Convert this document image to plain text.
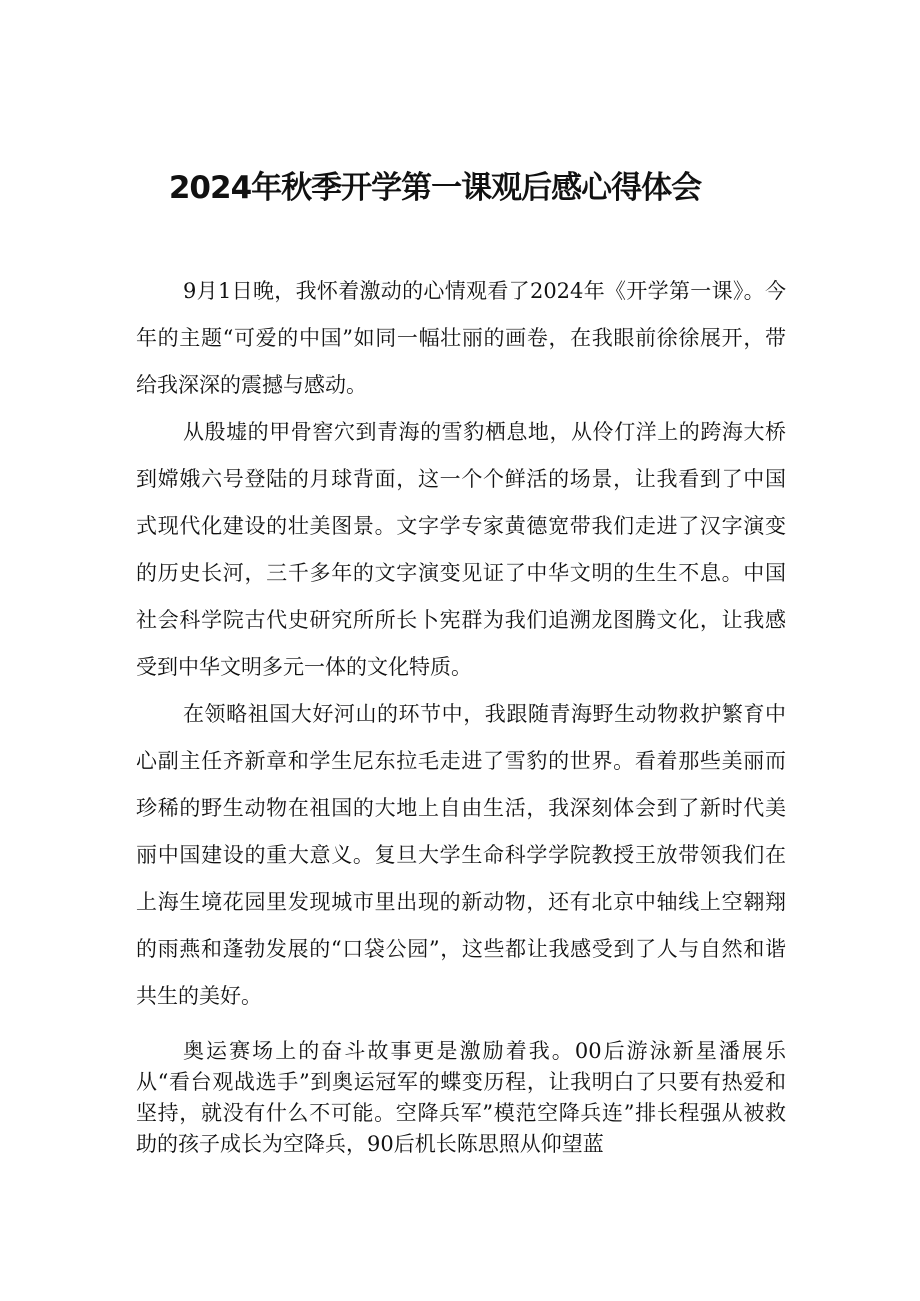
2024年秋季开学第一课观后感心得体会

9月1日晚，我怀着激动的心情观看了2024年《开学第一课》。今年的主题“可爱的中国”如同一幅壮丽的画卷，在我眼前徐徐展开，带给我深深的震撼与感动。

从殷墟的甲骨窖穴到青海的雪豹栖息地，从伶仃洋上的跨海大桥到嫦娥六号登陆的月球背面，这一个个鲜活的场景，让我看到了中国式现代化建设的壮美图景。文字学专家黄德宽带我们走进了汉字演变的历史长河，三千多年的文字演变见证了中华文明的生生不息。中国社会科学院古代史研究所所长卜宪群为我们追溯龙图腾文化，让我感受到中华文明多元一体的文化特质。

在领略祖国大好河山的环节中，我跟随青海野生动物救护繁育中心副主任齐新章和学生尼东拉毛走进了雪豹的世界。看着那些美丽而珍稀的野生动物在祖国的大地上自由生活，我深刻体会到了新时代美丽中国建设的重大意义。复旦大学生命科学学院教授王放带领我们在上海生境花园里发现城市里出现的新动物，还有北京中轴线上空翱翔的雨燕和蓬勃发展的“口袋公园”，这些都让我感受到了人与自然和谐共生的美好。

奥运赛场上的奋斗故事更是激励着我。00后游泳新星潘展乐从“看台观战选手”到奥运冠军的蝶变历程，让我明白了只要有热爱和坚持，就没有什么不可能。空降兵军”模范空降兵连”排长程强从被救助的孩子成长为空降兵，90后机长陈思照从仰望蓝
